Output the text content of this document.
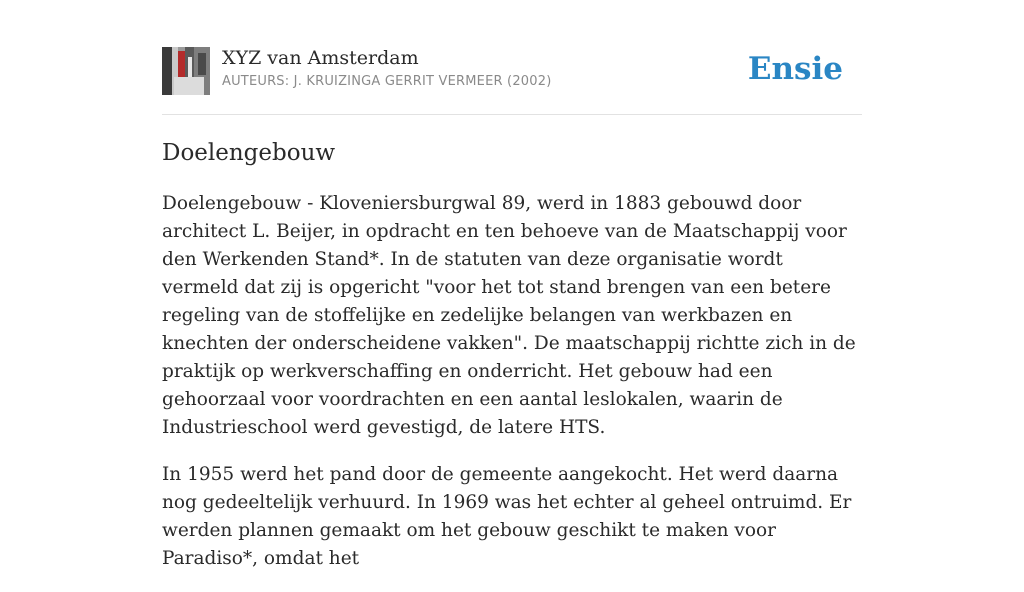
XYZ van Amsterdam
AUTEURS: J. KRUIZINGA GERRIT VERMEER (2002)	Ensie
Doelengebouw

Doelengebouw - Kloveniersburgwal 89, werd in 1883 gebouwd door architect L. Beijer, in opdracht en ten behoeve van de Maatschappij voor den Werkenden Stand*. In de statuten van deze organisatie wordt vermeld dat zij is opgericht "voor het tot stand brengen van een betere regeling van de stoffelijke en zedelijke belangen van werkbazen en knechten der onderscheidene vakken". De maatschappij richtte zich in de praktijk op werkverschaffing en onderricht. Het gebouw had een gehoorzaal voor voordrachten en een aantal leslokalen, waarin de Industrieschool werd gevestigd, de latere HTS.

In 1955 werd het pand door de gemeente aangekocht. Het werd daarna nog gedeeltelijk verhuurd. In 1969 was het echter al geheel ontruimd. Er werden plannen gemaakt om het gebouw geschikt te maken voor Paradiso*, omdat het
